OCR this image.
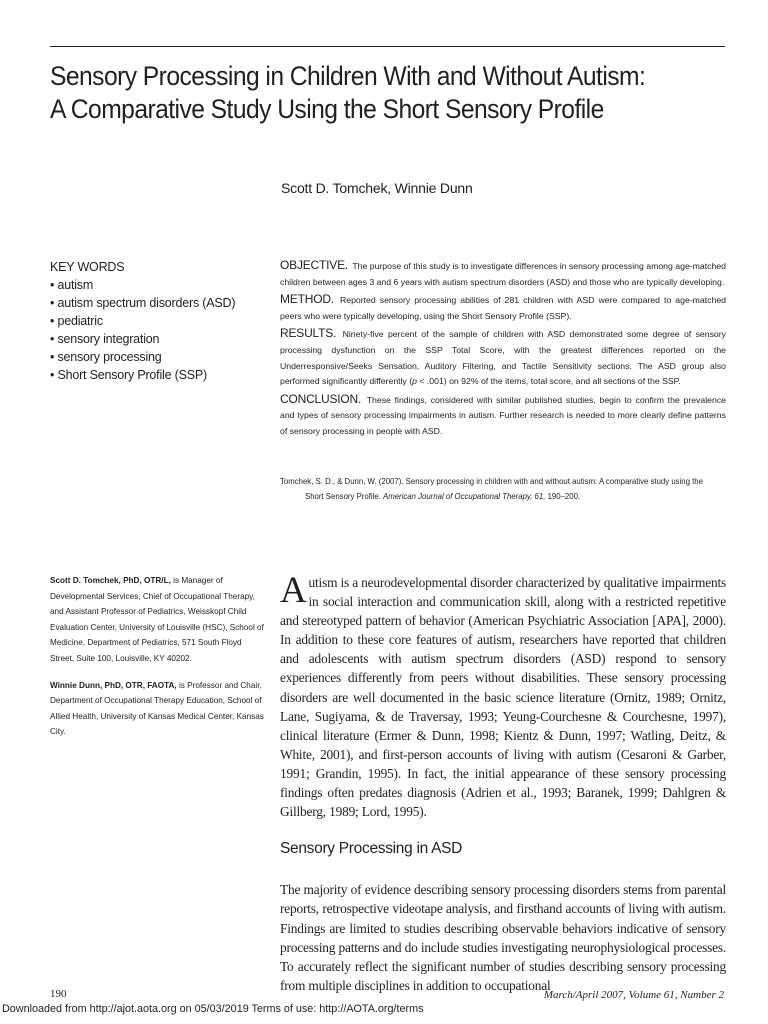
Sensory Processing in Children With and Without Autism:
A Comparative Study Using the Short Sensory Profile
Scott D. Tomchek, Winnie Dunn
KEY WORDS
• autism
• autism spectrum disorders (ASD)
• pediatric
• sensory integration
• sensory processing
• Short Sensory Profile (SSP)

OBJECTIVE. The purpose of this study is to investigate differences in sensory processing among age-matched children between ages 3 and 6 years with autism spectrum disorders (ASD) and those who are typically developing.

METHOD. Reported sensory processing abilities of 281 children with ASD were compared to age-matched peers who were typically developing, using the Short Sensory Profile (SSP).

RESULTS. Ninety-five percent of the sample of children with ASD demonstrated some degree of sensory processing dysfunction on the SSP Total Score, with the greatest differences reported on the Underresponsive/Seeks Sensation, Auditory Filtering, and Tactile Sensitivity sections. The ASD group also performed significantly differently (p < .001) on 92% of the items, total score, and all sections of the SSP.

CONCLUSION. These findings, considered with similar published studies, begin to confirm the prevalence and types of sensory processing impairments in autism. Further research is needed to more clearly define patterns of sensory processing in people with ASD.

Tomchek, S. D., & Dunn, W. (2007). Sensory processing in children with and without autism: A comparative study using the
Short Sensory Profile. American Journal of Occupational Therapy, 61, 190–200.

Scott D. Tomchek, PhD, OTR/L, is Manager of Developmental Services, Chief of Occupational Therapy, and Assistant Professor of Pediatrics, Weisskopf Child Evaluation Center, University of Louisville (HSC), School of Medicine, Department of Pediatrics, 571 South Floyd Street, Suite 100, Louisville, KY 40202.

Winnie Dunn, PhD, OTR, FAOTA, is Professor and Chair, Department of Occupational Therapy Education, School of Allied Health, University of Kansas Medical Center, Kansas City.

Autism is a neurodevelopmental disorder characterized by qualitative impairments in social interaction and communication skill, along with a restricted repetitive and stereotyped pattern of behavior (American Psychiatric Association [APA], 2000). In addition to these core features of autism, researchers have reported that children and adolescents with autism spectrum disorders (ASD) respond to sensory experiences differently from peers without disabilities. These sensory processing disorders are well documented in the basic science literature (Ornitz, 1989; Ornitz, Lane, Sugiyama, & de Traversay, 1993; Yeung-Courchesne & Courchesne, 1997), clinical literature (Ermer & Dunn, 1998; Kientz & Dunn, 1997; Watling, Deitz, & White, 2001), and first-person accounts of living with autism (Cesaroni & Garber, 1991; Grandin, 1995). In fact, the initial appearance of these sensory processing findings often predates diagnosis (Adrien et al., 1993; Baranek, 1999; Dahlgren & Gillberg, 1989; Lord, 1995).

Sensory Processing in ASD

The majority of evidence describing sensory processing disorders stems from parental reports, retrospective videotape analysis, and firsthand accounts of living with autism. Findings are limited to studies describing observable behaviors indicative of sensory processing patterns and do include studies investigating neurophysiological processes. To accurately reflect the significant number of studies describing sensory processing from multiple disciplines in addition to occupational

190	March/April 2007, Volume 61, Number 2
Downloaded from http://ajot.aota.org on 05/03/2019 Terms of use: http://AOTA.org/terms
